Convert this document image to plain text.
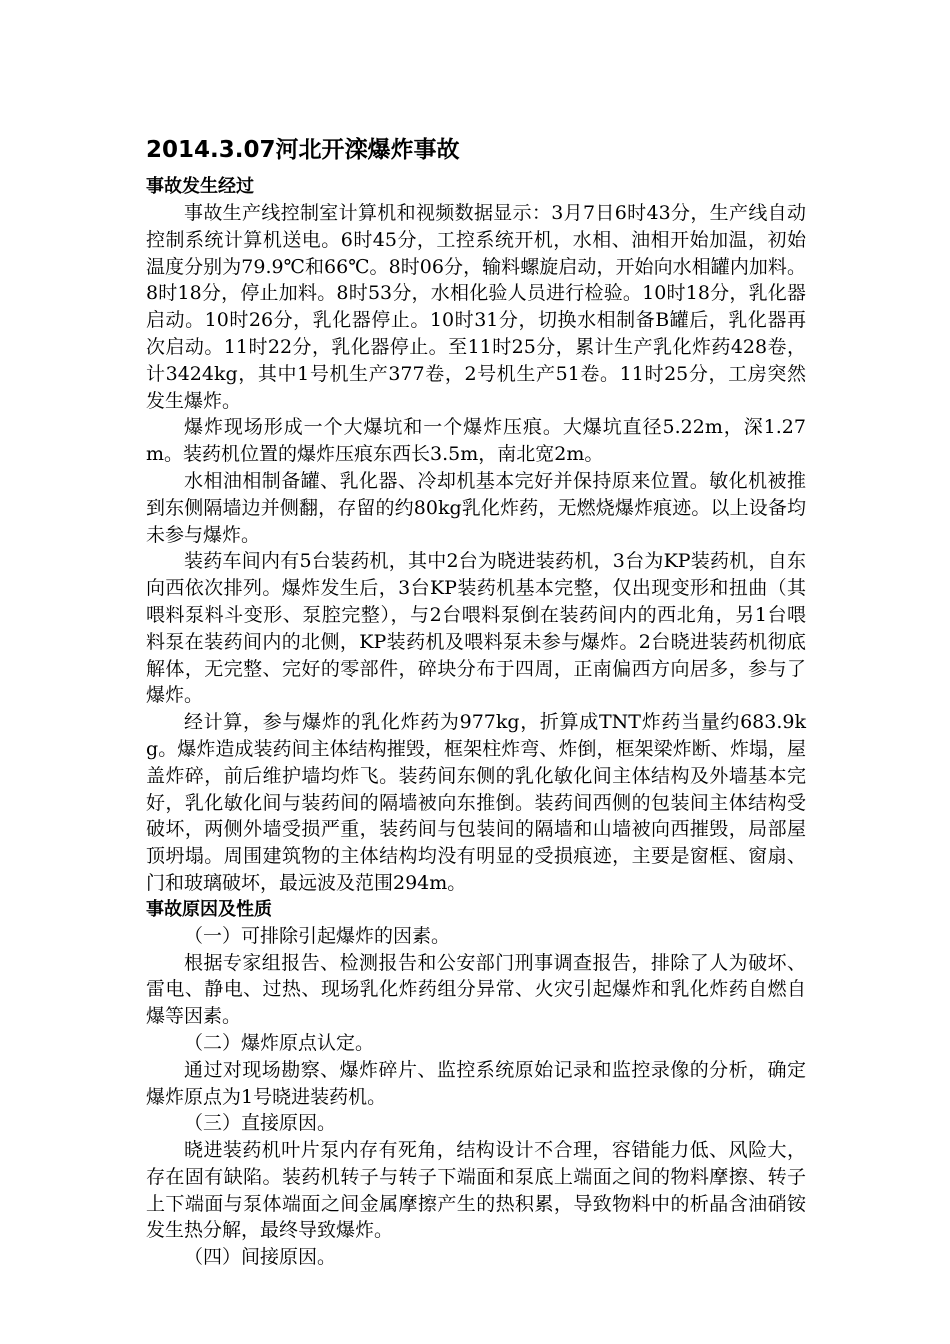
2014.3.07河北开滦爆炸事故
事故发生经过

事故生产线控制室计算机和视频数据显示：3月7日6时43分，生产线自动控制系统计算机送电。6时45分，工控系统开机，水相、油相开始加温，初始温度分别为79.9℃和66℃。8时06分，输料螺旋启动，开始向水相罐内加料。8时18分，停止加料。8时53分，水相化验人员进行检验。10时18分，乳化器启动。10时26分，乳化器停止。10时31分，切换水相制备B罐后，乳化器再次启动。11时22分，乳化器停止。至11时25分，累计生产乳化炸药428卷，计3424kg，其中1号机生产377卷，2号机生产51卷。11时25分，工房突然发生爆炸。

爆炸现场形成一个大爆坑和一个爆炸压痕。大爆坑直径5.22m，深1.27m。装药机位置的爆炸压痕东西长3.5m，南北宽2m。

水相油相制备罐、乳化器、冷却机基本完好并保持原来位置。敏化机被推到东侧隔墙边并侧翻，存留的约80kg乳化炸药，无燃烧爆炸痕迹。以上设备均未参与爆炸。

装药车间内有5台装药机，其中2台为晓进装药机，3台为KP装药机，自东向西依次排列。爆炸发生后，3台KP装药机基本完整，仅出现变形和扭曲（其喂料泵料斗变形、泵腔完整），与2台喂料泵倒在装药间内的西北角，另1台喂料泵在装药间内的北侧，KP装药机及喂料泵未参与爆炸。2台晓进装药机彻底解体，无完整、完好的零部件，碎块分布于四周，正南偏西方向居多，参与了爆炸。

经计算，参与爆炸的乳化炸药为977kg，折算成TNT炸药当量约683.9kg。爆炸造成装药间主体结构摧毁，框架柱炸弯、炸倒，框架梁炸断、炸塌，屋盖炸碎，前后维护墙均炸飞。装药间东侧的乳化敏化间主体结构及外墙基本完好，乳化敏化间与装药间的隔墙被向东推倒。装药间西侧的包装间主体结构受破坏，两侧外墙受损严重，装药间与包装间的隔墙和山墙被向西摧毁，局部屋顶坍塌。周围建筑物的主体结构均没有明显的受损痕迹，主要是窗框、窗扇、门和玻璃破坏，最远波及范围294m。

事故原因及性质

（一）可排除引起爆炸的因素。

根据专家组报告、检测报告和公安部门刑事调查报告，排除了人为破坏、雷电、静电、过热、现场乳化炸药组分异常、火灾引起爆炸和乳化炸药自燃自爆等因素。

（二）爆炸原点认定。

通过对现场勘察、爆炸碎片、监控系统原始记录和监控录像的分析，确定爆炸原点为1号晓进装药机。

（三）直接原因。

晓进装药机叶片泵内存有死角，结构设计不合理，容错能力低、风险大，存在固有缺陷。装药机转子与转子下端面和泵底上端面之间的物料摩擦、转子上下端面与泵体端面之间金属摩擦产生的热积累，导致物料中的析晶含油硝铵发生热分解，最终导致爆炸。

（四）间接原因。
